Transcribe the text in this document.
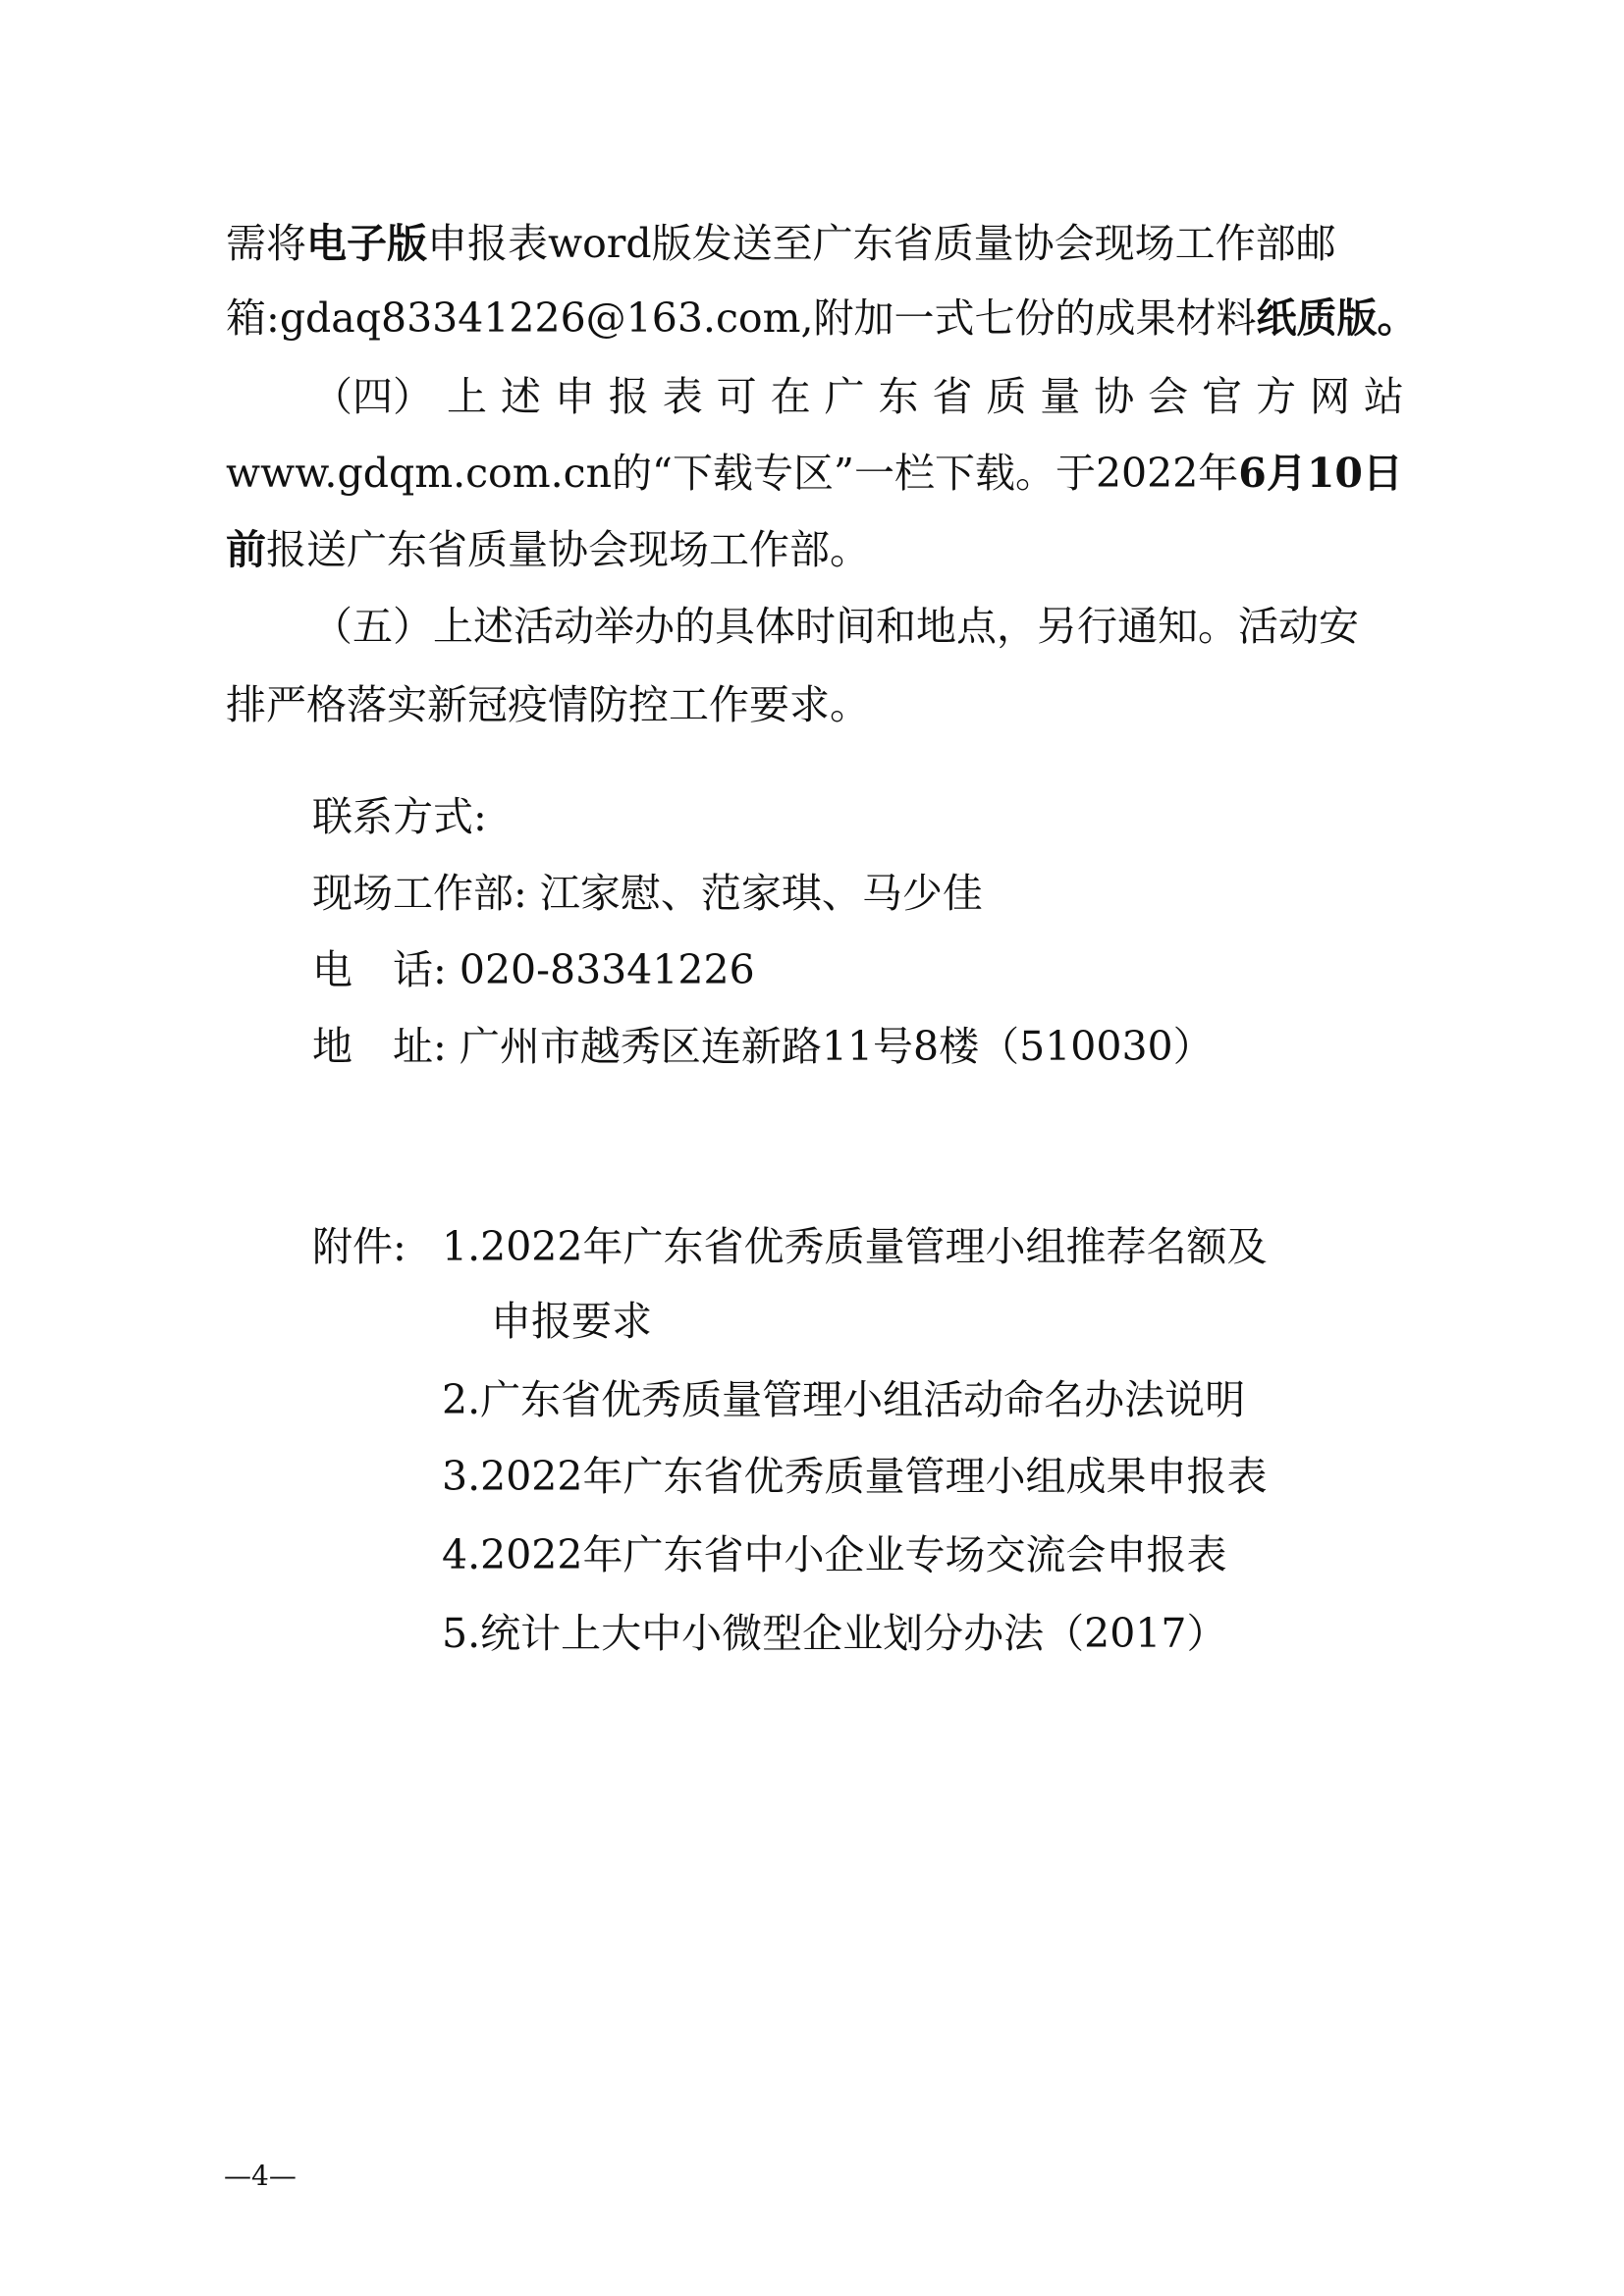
需将电子版申报表word版发送至广东省质量协会现场工作部邮
箱:gdaq83341226@163.com,附加一式七份的成果材料纸质版。
（四） 上 述 申 报 表 可 在 广 东 省 质 量 协 会 官 方 网 站
www.gdqm.com.cn的“下载专区”一栏下载。于2022年6月10日
前报送广东省质量协会现场工作部。
（五）上述活动举办的具体时间和地点，另行通知。活动安
排严格落实新冠疫情防控工作要求。
联系方式:
现场工作部: 江家慰、范家琪、马少佳
电　话: 020-83341226
地　址: 广州市越秀区连新路11号8楼（510030）
附件: 1.2022年广东省优秀质量管理小组推荐名额及
申报要求
2.广东省优秀质量管理小组活动命名办法说明
3.2022年广东省优秀质量管理小组成果申报表
4.2022年广东省中小企业专场交流会申报表
5.统计上大中小微型企业划分办法（2017）
—4—
